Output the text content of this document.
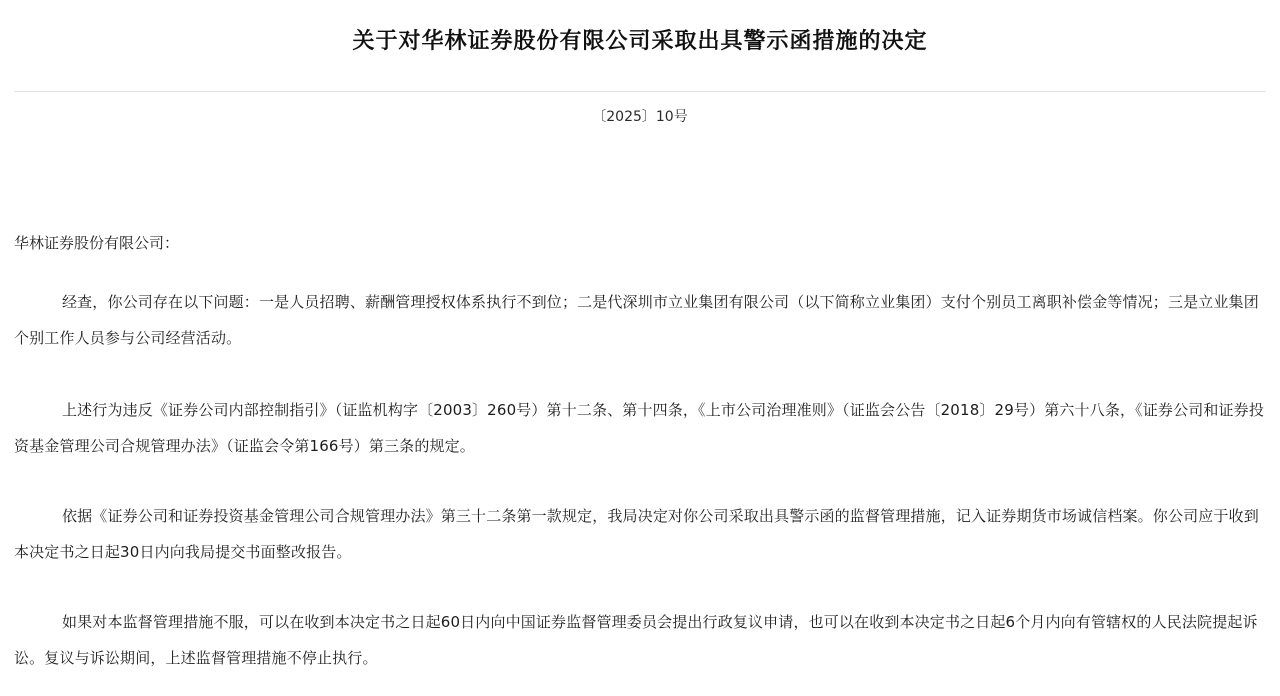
关于对华林证券股份有限公司采取出具警示函措施的决定
〔2025〕10号
华林证券股份有限公司：
经查，你公司存在以下问题：一是人员招聘、薪酬管理授权体系执行不到位；二是代深圳市立业集团有限公司（以下简称立业集团）支付个别员工离职补偿金等情况；三是立业集团个别工作人员参与公司经营活动。
上述行为违反《证券公司内部控制指引》（证监机构字〔2003〕260号）第十二条、第十四条，《上市公司治理准则》（证监会公告〔2018〕29号）第六十八条，《证券公司和证券投资基金管理公司合规管理办法》（证监会令第166号）第三条的规定。
依据《证券公司和证券投资基金管理公司合规管理办法》第三十二条第一款规定，我局决定对你公司采取出具警示函的监督管理措施，记入证券期货市场诚信档案。你公司应于收到本决定书之日起30日内向我局提交书面整改报告。
如果对本监督管理措施不服，可以在收到本决定书之日起60日内向中国证券监督管理委员会提出行政复议申请，也可以在收到本决定书之日起6个月内向有管辖权的人民法院提起诉讼。复议与诉讼期间，上述监督管理措施不停止执行。
